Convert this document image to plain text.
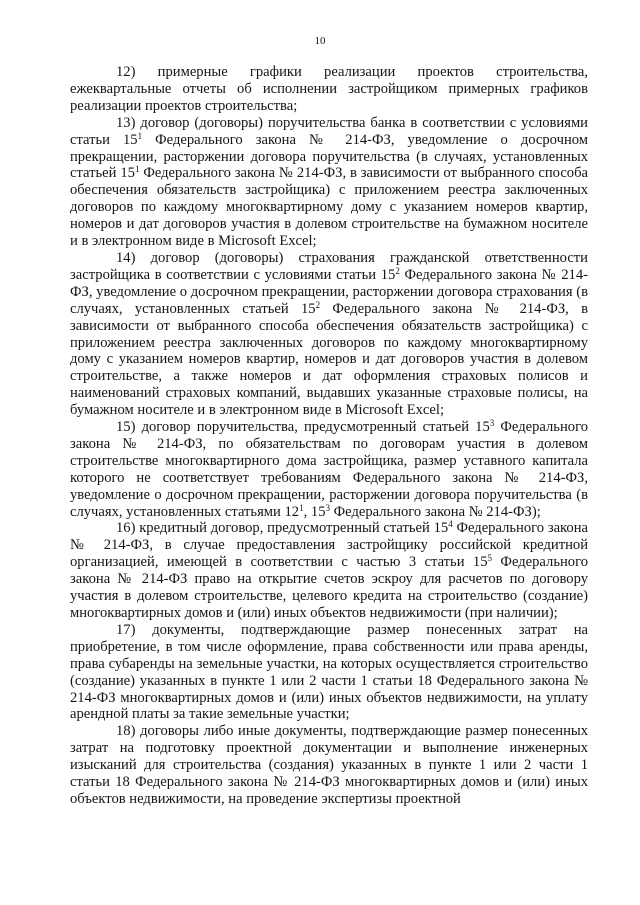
10

12) примерные графики реализации проектов строительства, ежеквартальные отчеты об исполнении застройщиком примерных графиков реализации проектов строительства;

13) договор (договоры) поручительства банка в соответствии с условиями статьи $15^1$ Федерального закона № 214-ФЗ, уведомление о досрочном прекращении, расторжении договора поручительства (в случаях, установленных статьей $15^1$ Федерального закона № 214-ФЗ, в зависимости от выбранного способа обеспечения обязательств застройщика) с приложением реестра заключенных договоров по каждому многоквартирному дому с указанием номеров квартир, номеров и дат договоров участия в долевом строительстве на бумажном носителе и в электронном виде в Microsoft Excel;

14) договор (договоры) страхования гражданской ответственности застройщика в соответствии с условиями статьи $15^2$ Федерального закона № 214-ФЗ, уведомление о досрочном прекращении, расторжении договора страхования (в случаях, установленных статьей $15^2$ Федерального закона № 214-ФЗ, в зависимости от выбранного способа обеспечения обязательств застройщика) с приложением реестра заключенных договоров по каждому многоквартирному дому с указанием номеров квартир, номеров и дат договоров участия в долевом строительстве, а также номеров и дат оформления страховых полисов и наименований страховых компаний, выдавших указанные страховые полисы, на бумажном носителе и в электронном виде в Microsoft Excel;

15) договор поручительства, предусмотренный статьей $15^3$ Федерального закона № 214-ФЗ, по обязательствам по договорам участия в долевом строительстве многоквартирного дома застройщика, размер уставного капитала которого не соответствует требованиям Федерального закона № 214-ФЗ, уведомление о досрочном прекращении, расторжении договора поручительства (в случаях, установленных статьями $12^1$, $15^3$ Федерального закона № 214-ФЗ);

16) кредитный договор, предусмотренный статьей $15^4$ Федерального закона № 214-ФЗ, в случае предоставления застройщику российской кредитной организацией, имеющей в соответствии с частью 3 статьи $15^5$ Федерального закона № 214-ФЗ право на открытие счетов эскроу для расчетов по договору участия в долевом строительстве, целевого кредита на строительство (создание) многоквартирных домов и (или) иных объектов недвижимости (при наличии);

17) документы, подтверждающие размер понесенных затрат на приобретение, в том числе оформление, права собственности или права аренды, права субаренды на земельные участки, на которых осуществляется строительство (создание) указанных в пункте 1 или 2 части 1 статьи 18 Федерального закона № 214-ФЗ многоквартирных домов и (или) иных объектов недвижимости, на уплату арендной платы за такие земельные участки;

18) договоры либо иные документы, подтверждающие размер понесенных затрат на подготовку проектной документации и выполнение инженерных изысканий для строительства (создания) указанных в пункте 1 или 2 части 1 статьи 18 Федерального закона № 214-ФЗ многоквартирных домов и (или) иных объектов недвижимости, на проведение экспертизы проектной
